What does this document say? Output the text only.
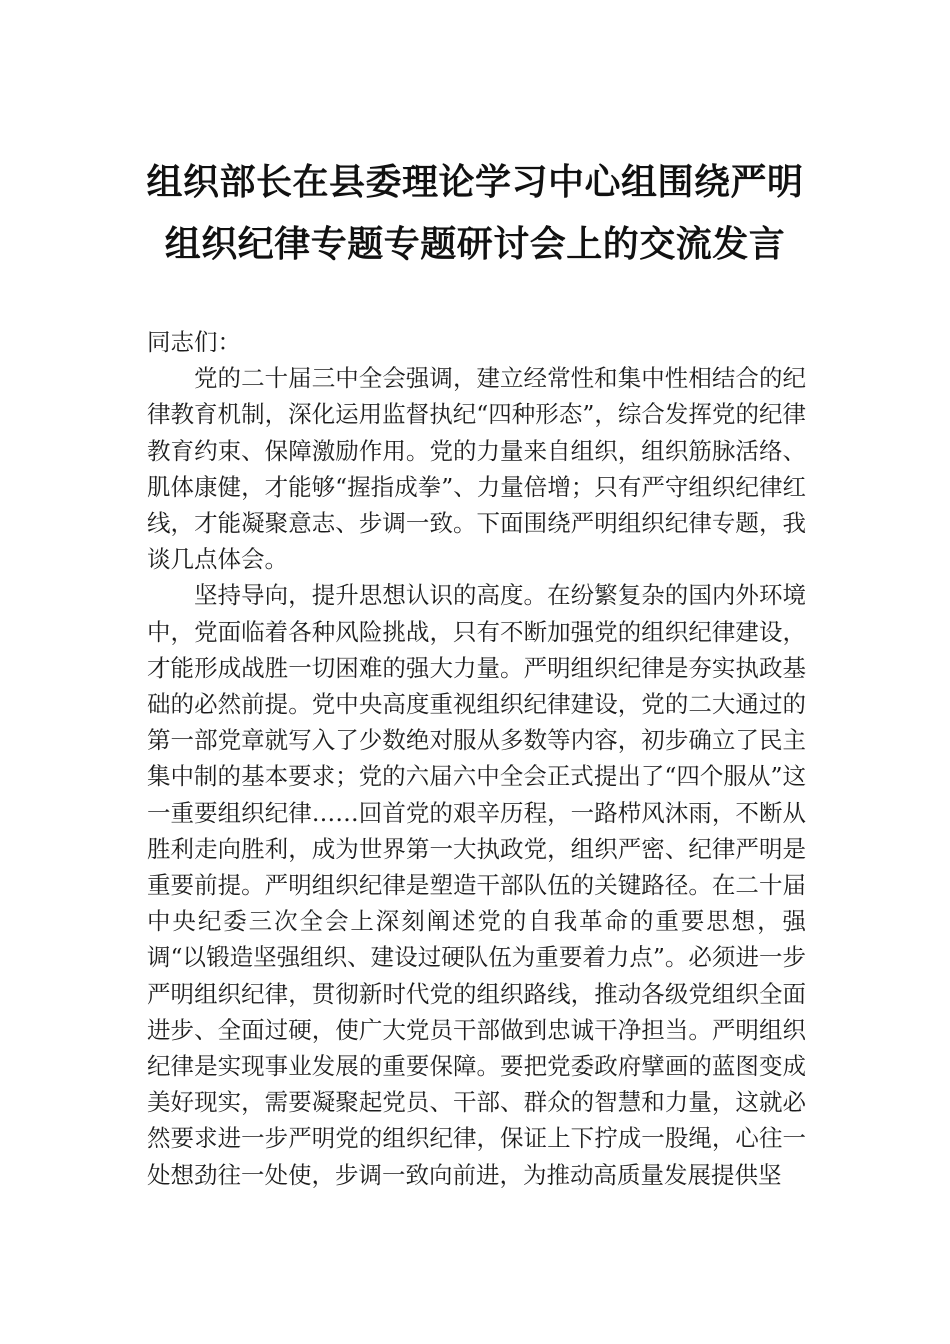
组织部长在县委理论学习中心组围绕严明
组织纪律专题专题研讨会上的交流发言

同志们：

党的二十届三中全会强调，建立经常性和集中性相结合的纪律教育机制，深化运用监督执纪“四种形态”，综合发挥党的纪律教育约束、保障激励作用。党的力量来自组织，组织筋脉活络、肌体康健，才能够“握指成拳”、力量倍增；只有严守组织纪律红线，才能凝聚意志、步调一致。下面围绕严明组织纪律专题，我谈几点体会。

坚持导向，提升思想认识的高度。在纷繁复杂的国内外环境中，党面临着各种风险挑战，只有不断加强党的组织纪律建设，才能形成战胜一切困难的强大力量。严明组织纪律是夯实执政基础的必然前提。党中央高度重视组织纪律建设，党的二大通过的第一部党章就写入了少数绝对服从多数等内容，初步确立了民主集中制的基本要求；党的六届六中全会正式提出了“四个服从”这一重要组织纪律……回首党的艰辛历程，一路栉风沐雨，不断从胜利走向胜利，成为世界第一大执政党，组织严密、纪律严明是重要前提。严明组织纪律是塑造干部队伍的关键路径。在二十届中央纪委三次全会上深刻阐述党的自我革命的重要思想，强调“以锻造坚强组织、建设过硬队伍为重要着力点”。必须进一步严明组织纪律，贯彻新时代党的组织路线，推动各级党组织全面进步、全面过硬，使广大党员干部做到忠诚干净担当。严明组织纪律是实现事业发展的重要保障。要把党委政府擘画的蓝图变成美好现实，需要凝聚起党员、干部、群众的智慧和力量，这就必然要求进一步严明党的组织纪律，保证上下拧成一股绳，心往一处想劲往一处使，步调一致向前进，为推动高质量发展提供坚
